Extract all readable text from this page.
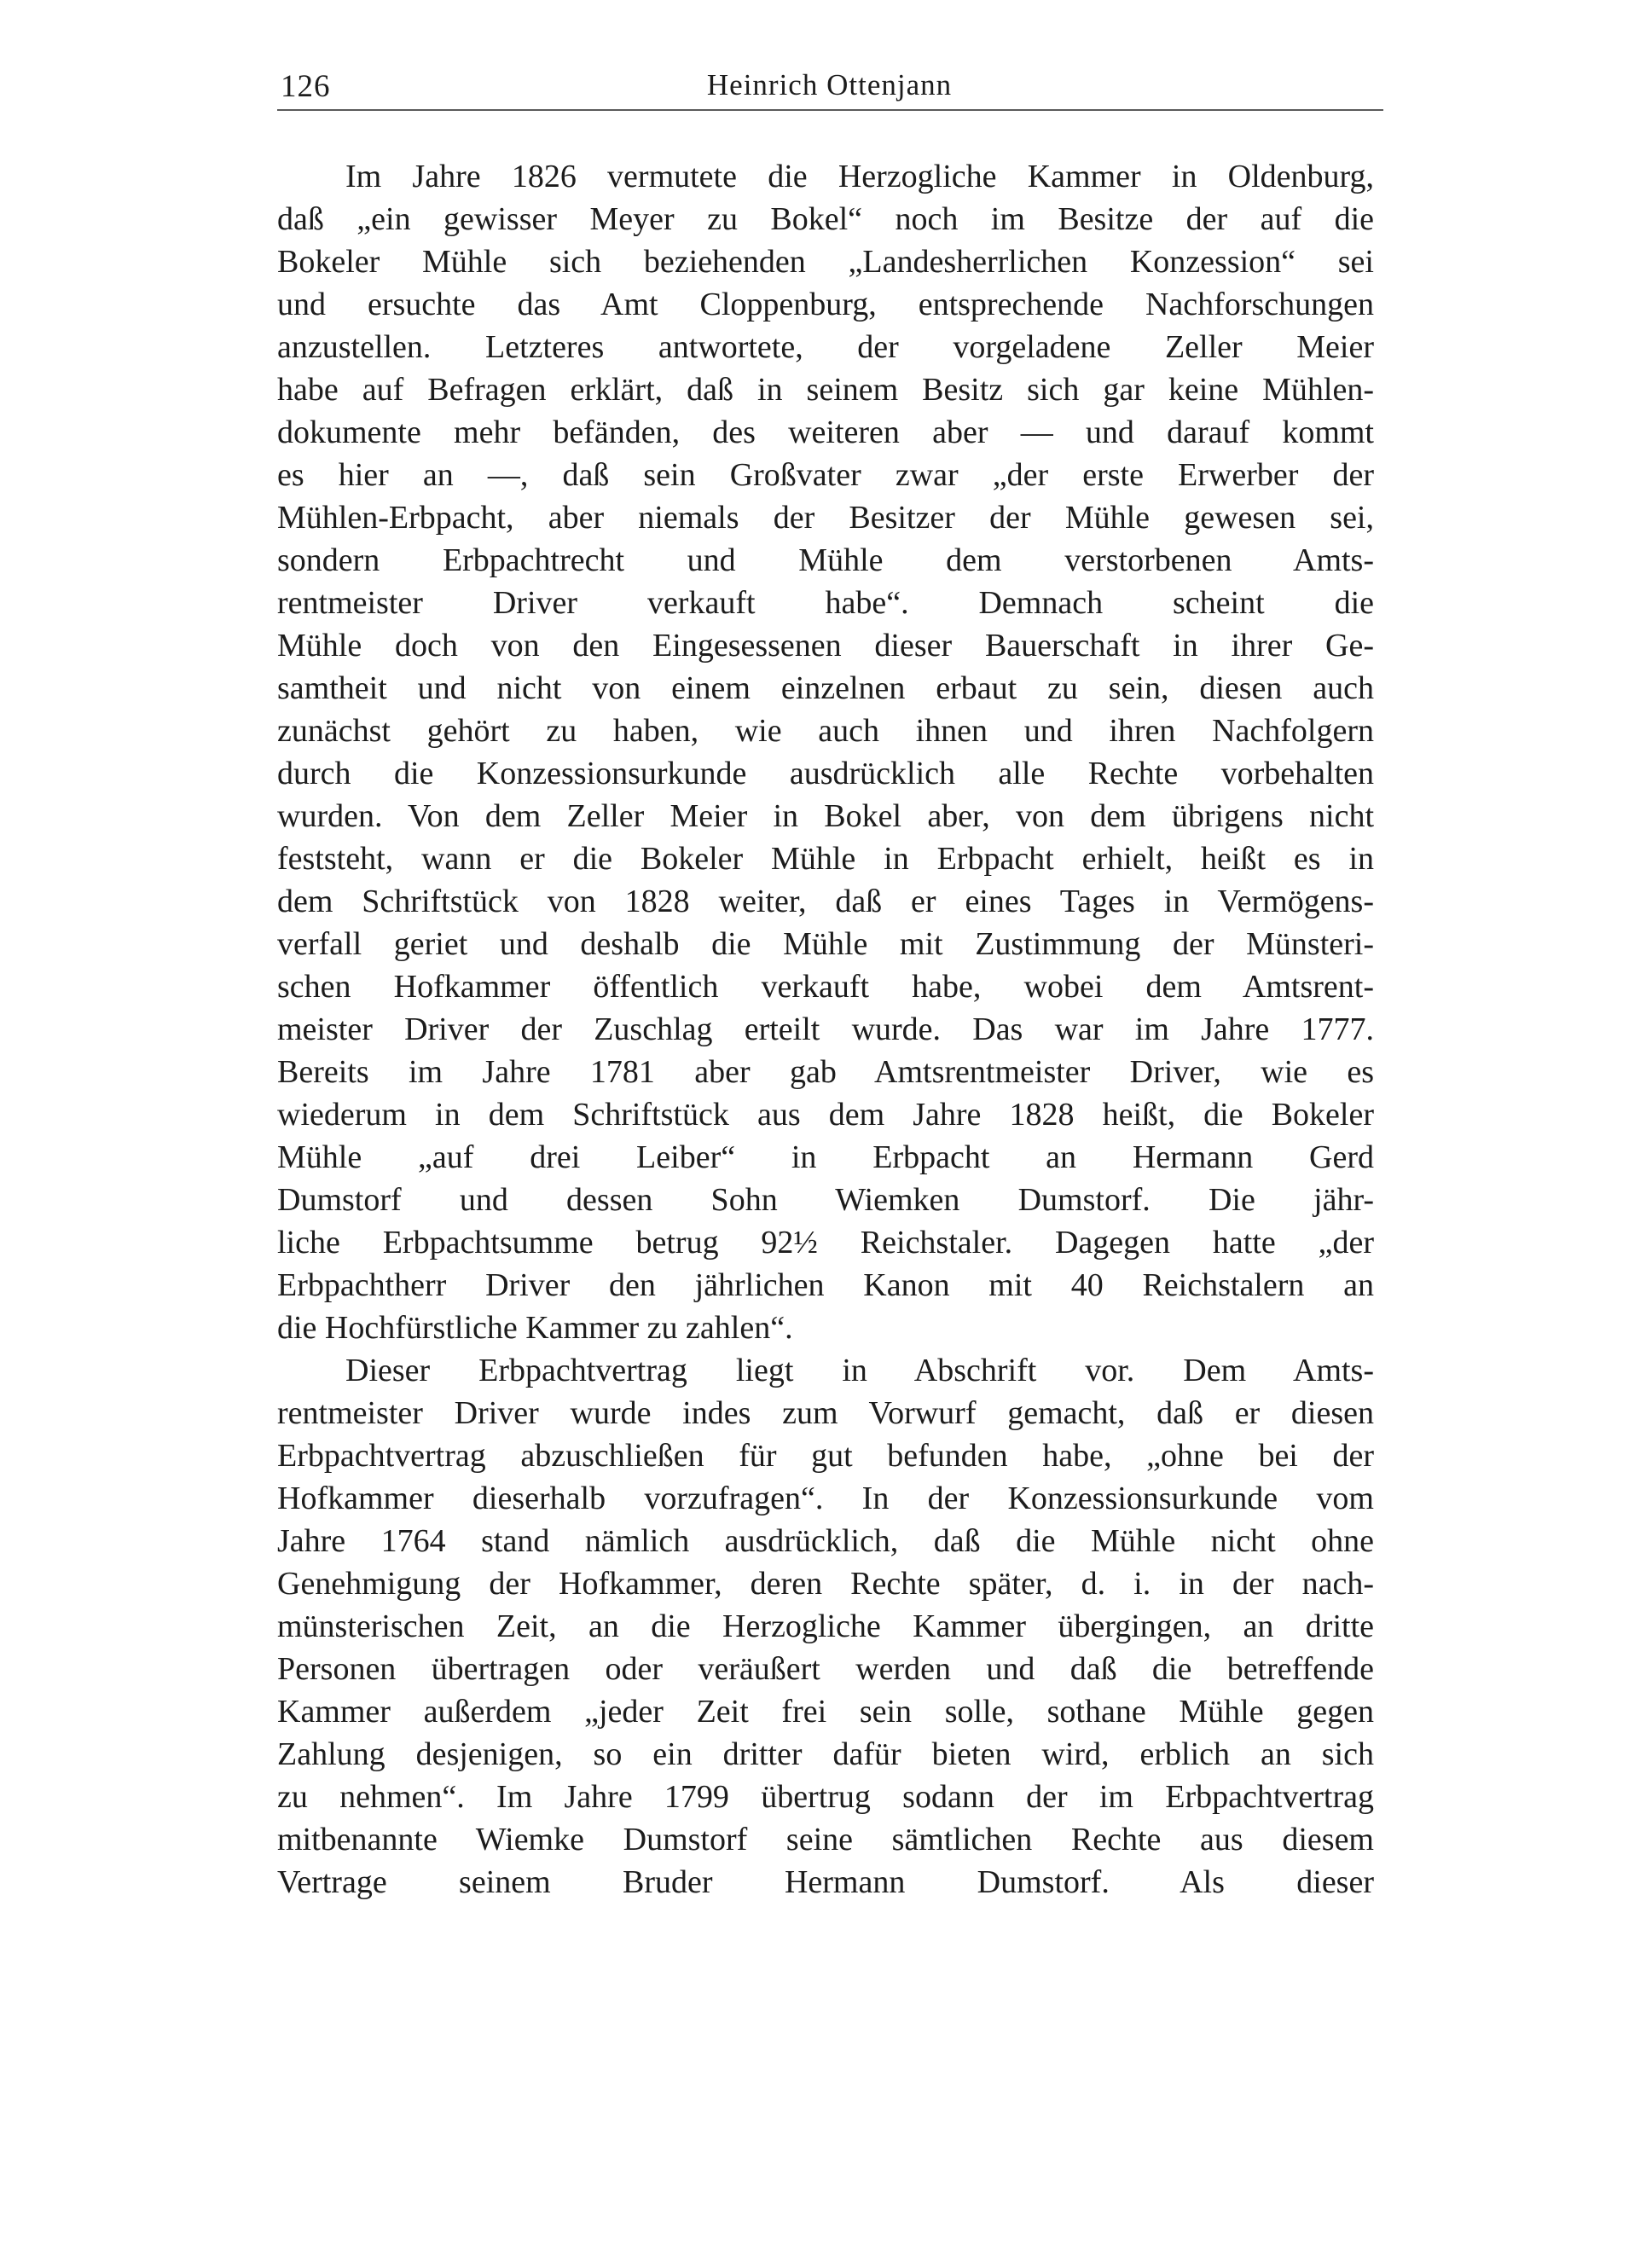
126	Heinrich Ottenjann
Im Jahre 1826 vermutete die Herzogliche Kammer in Oldenburg,
daß „ein gewisser Meyer zu Bokel“ noch im Besitze der auf die
Bokeler Mühle sich beziehenden „Landesherrlichen Konzession“ sei
und ersuchte das Amt Cloppenburg, entsprechende Nachforschungen
anzustellen. Letzteres antwortete, der vorgeladene Zeller Meier
habe auf Befragen erklärt, daß in seinem Besitz sich gar keine Mühlen-
dokumente mehr befänden, des weiteren aber — und darauf kommt
es hier an —, daß sein Großvater zwar „der erste Erwerber der
Mühlen-Erbpacht, aber niemals der Besitzer der Mühle gewesen sei,
sondern Erbpachtrecht und Mühle dem verstorbenen Amts-
rentmeister Driver verkauft habe“. Demnach scheint die
Mühle doch von den Eingesessenen dieser Bauerschaft in ihrer Ge-
samtheit und nicht von einem einzelnen erbaut zu sein, diesen auch
zunächst gehört zu haben, wie auch ihnen und ihren Nachfolgern
durch die Konzessionsurkunde ausdrücklich alle Rechte vorbehalten
wurden. Von dem Zeller Meier in Bokel aber, von dem übrigens nicht
feststeht, wann er die Bokeler Mühle in Erbpacht erhielt, heißt es in
dem Schriftstück von 1828 weiter, daß er eines Tages in Vermögens-
verfall geriet und deshalb die Mühle mit Zustimmung der Münsteri-
schen Hofkammer öffentlich verkauft habe, wobei dem Amtsrent-
meister Driver der Zuschlag erteilt wurde. Das war im Jahre 1777.
Bereits im Jahre 1781 aber gab Amtsrentmeister Driver, wie es
wiederum in dem Schriftstück aus dem Jahre 1828 heißt, die Bokeler
Mühle „auf drei Leiber“ in Erbpacht an Hermann Gerd
Dumstorf und dessen Sohn Wiemken Dumstorf. Die jähr-
liche Erbpachtsumme betrug 92½ Reichstaler. Dagegen hatte „der
Erbpachtherr Driver den jährlichen Kanon mit 40 Reichstalern an
die Hochfürstliche Kammer zu zahlen“.
Dieser Erbpachtvertrag liegt in Abschrift vor. Dem Amts-
rentmeister Driver wurde indes zum Vorwurf gemacht, daß er diesen
Erbpachtvertrag abzuschließen für gut befunden habe, „ohne bei der
Hofkammer dieserhalb vorzufragen“. In der Konzessionsurkunde vom
Jahre 1764 stand nämlich ausdrücklich, daß die Mühle nicht ohne
Genehmigung der Hofkammer, deren Rechte später, d. i. in der nach-
münsterischen Zeit, an die Herzogliche Kammer übergingen, an dritte
Personen übertragen oder veräußert werden und daß die betreffende
Kammer außerdem „jeder Zeit frei sein solle, sothane Mühle gegen
Zahlung desjenigen, so ein dritter dafür bieten wird, erblich an sich
zu nehmen“. Im Jahre 1799 übertrug sodann der im Erbpachtvertrag
mitbenannte Wiemke Dumstorf seine sämtlichen Rechte aus diesem
Vertrage seinem Bruder Hermann Dumstorf. Als dieser
